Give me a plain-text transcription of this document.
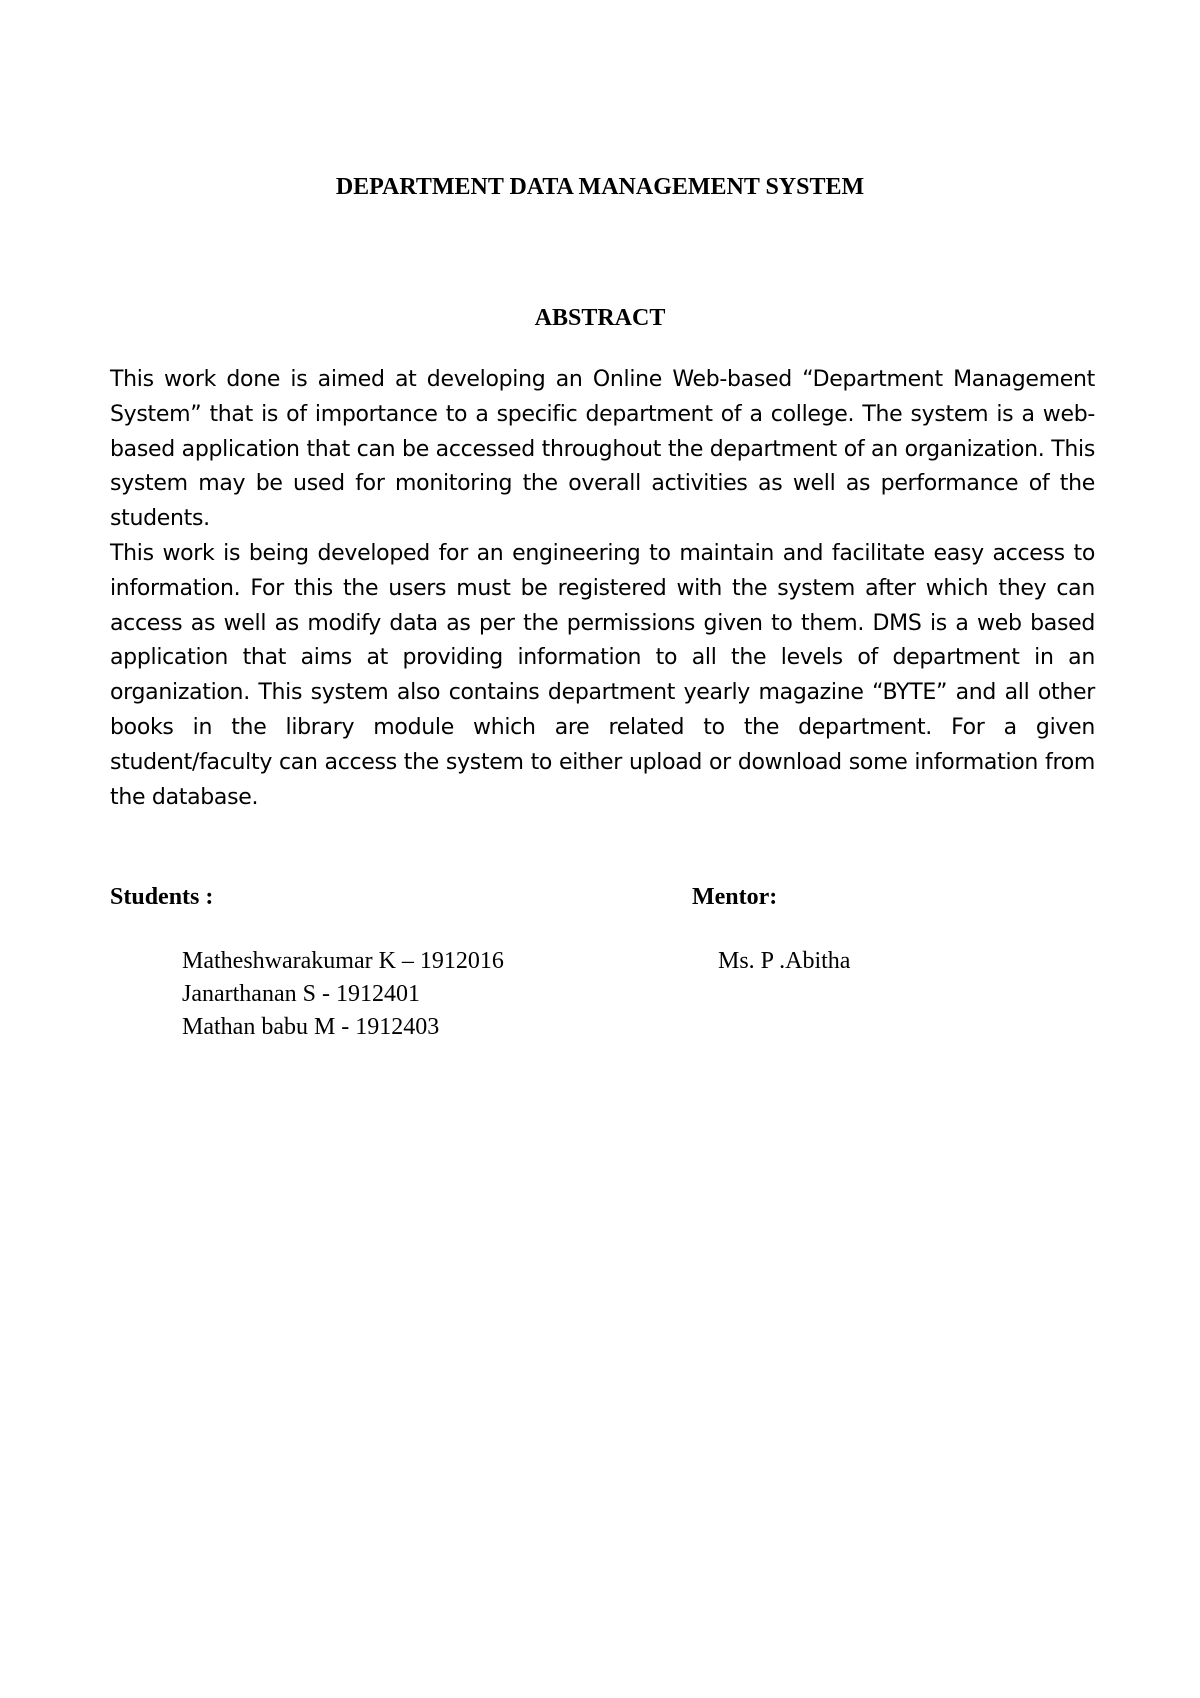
DEPARTMENT DATA MANAGEMENT SYSTEM
ABSTRACT

This work done is aimed at developing an Online Web-based “Department Management System” that is of importance to a specific department of a college. The system is a web-based application that can be accessed throughout the department of an organization. This system may be used for monitoring the overall activities as well as performance of the students.

This work is being developed for an engineering to maintain and facilitate easy access to information. For this the users must be registered with the system after which they can access as well as modify data as per the permissions given to them. DMS is a web based application that aims at providing information to all the levels of department in an organization. This system also contains department yearly magazine “BYTE” and all other books in the library module which are related to the department. For a given student/faculty can access the system to either upload or download some information from the database.

Students :	Mentor:
Matheshwarakumar K – 1912016
Janarthanan S - 1912401
Mathan babu M - 1912403
Ms. P .Abitha
